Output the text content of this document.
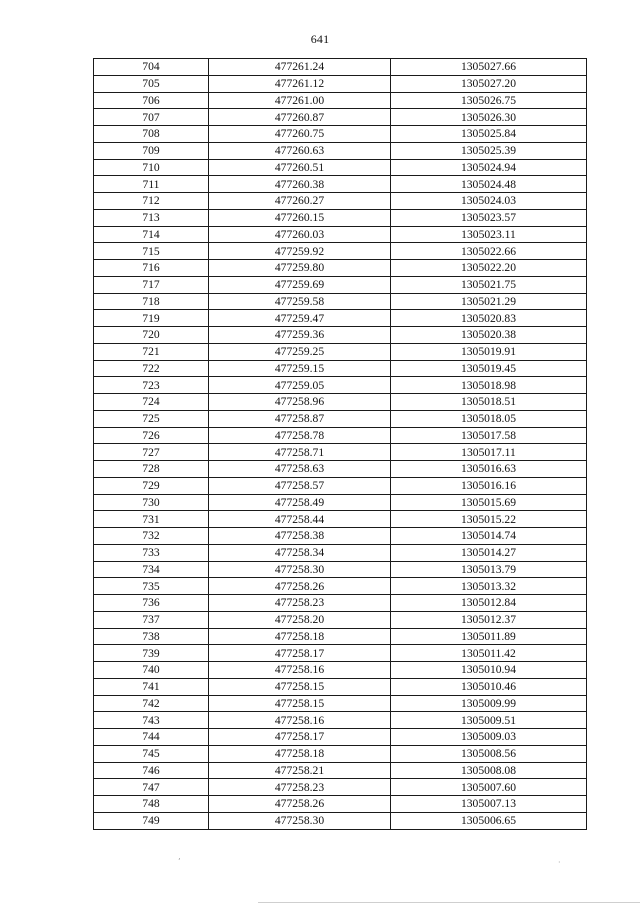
641
704	477261.24	1305027.66
705	477261.12	1305027.20
706	477261.00	1305026.75
707	477260.87	1305026.30
708	477260.75	1305025.84
709	477260.63	1305025.39
710	477260.51	1305024.94
711	477260.38	1305024.48
712	477260.27	1305024.03
713	477260.15	1305023.57
714	477260.03	1305023.11
715	477259.92	1305022.66
716	477259.80	1305022.20
717	477259.69	1305021.75
718	477259.58	1305021.29
719	477259.47	1305020.83
720	477259.36	1305020.38
721	477259.25	1305019.91
722	477259.15	1305019.45
723	477259.05	1305018.98
724	477258.96	1305018.51
725	477258.87	1305018.05
726	477258.78	1305017.58
727	477258.71	1305017.11
728	477258.63	1305016.63
729	477258.57	1305016.16
730	477258.49	1305015.69
731	477258.44	1305015.22
732	477258.38	1305014.74
733	477258.34	1305014.27
734	477258.30	1305013.79
735	477258.26	1305013.32
736	477258.23	1305012.84
737	477258.20	1305012.37
738	477258.18	1305011.89
739	477258.17	1305011.42
740	477258.16	1305010.94
741	477258.15	1305010.46
742	477258.15	1305009.99
743	477258.16	1305009.51
744	477258.17	1305009.03
745	477258.18	1305008.56
746	477258.21	1305008.08
747	477258.23	1305007.60
748	477258.26	1305007.13
749	477258.30	1305006.65
ʼ	·
